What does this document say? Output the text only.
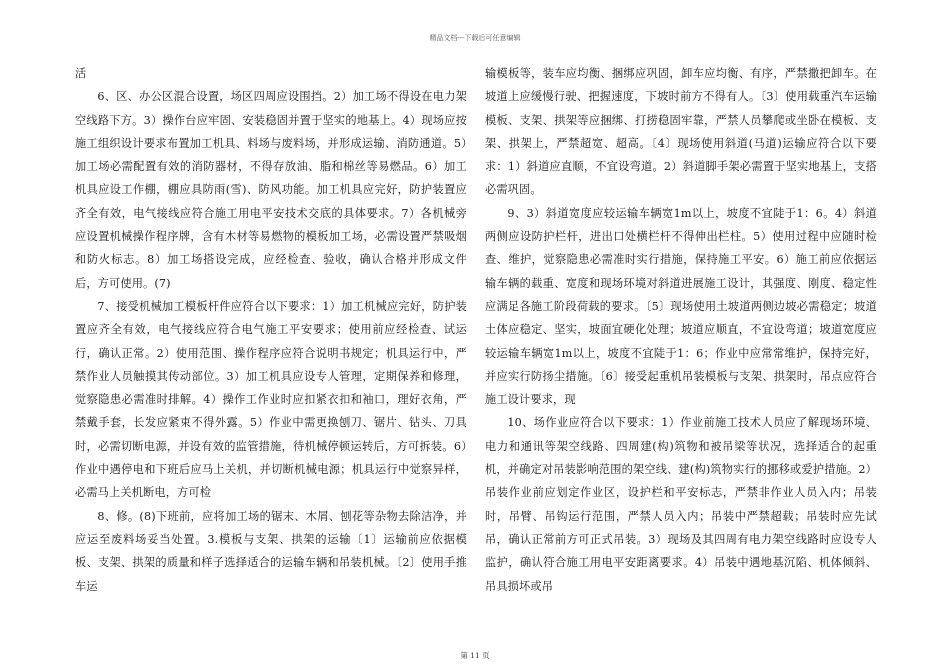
精品文档---下载后可任意编辑

活

6、区、办公区混合设置，场区四周应设围挡。2）加工场不得设在电力架空线路下方。3）操作台应牢固、安装稳固并置于坚实的地基上。4）现场应按施工组织设计要求布置加工机具、料场与废料场，并形成运输、消防通道。5）加工场必需配置有效的消防器材，不得存放油、脂和棉丝等易燃品。6）加工机具应设工作棚，棚应具防雨(雪)、防风功能。加工机具应完好，防护装置应齐全有效，电气接线应符合施工用电平安技术交底的具体要求。7）各机械旁应设置机械操作程序牌，含有木材等易燃物的模板加工场，必需设置严禁吸烟和防火标志。8）加工场搭设完成，应经检查、验收，确认合格并形成文件后，方可使用。(7)

7、接受机械加工模板杆件应符合以下要求：1）加工机械应完好，防护装置应齐全有效，电气接线应符合电气施工平安要求；使用前应经检查、试运行，确认正常。2）使用范围、操作程序应符合说明书规定；机具运行中，严禁作业人员触摸其传动部位。3）加工机具应设专人管理，定期保养和修理，觉察隐患必需准时排解。4）操作工作业时应扣紧衣扣和袖口，理好衣角，严禁戴手套，长发应紧束不得外露。5）作业中需更换刨刀、锯片、钻头、刀具时，必需切断电源，并设有效的监管措施，待机械停顿运转后，方可拆装。6）作业中遇停电和下班后应马上关机，并切断机械电源；机具运行中觉察异样，必需马上关机断电，方可检

8、修。(8)下班前，应将加工场的锯末、木屑、刨花等杂物去除洁净，并应运至废料场妥当处置。3.模板与支架、拱架的运输〔1〕运输前应依据模板、支架、拱架的质量和样子选择适合的运输车辆和吊装机械。〔2〕使用手推车运

输模板等，装车应均衡、捆绑应巩固，卸车应均衡、有序，严禁撒把卸车。在坡道上应缓慢行驶、把握速度，下坡时前方不得有人。〔3〕使用载重汽车运输模板、支架、拱架等应捆绑、打捞稳固牢靠，严禁人员攀爬或坐卧在模板、支架、拱架上，严禁超宽、超高。〔4〕现场使用斜道(马道)运输应符合以下要求：1）斜道应直顺，不宜设弯道。2）斜道脚手架必需置于坚实地基上，支搭必需巩固。

9、3）斜道宽度应较运输车辆宽1m以上，坡度不宜陡于1：6。4）斜道两侧应设防护栏杆，进出口处横栏杆不得伸出栏柱。5）使用过程中应随时检查、维护，觉察隐患必需准时实行措施，保持施工平安。6）施工前应依据运输车辆的载重、宽度和现场环境对斜道进展施工设计，其强度、刚度、稳定性应满足各施工阶段荷载的要求。〔5〕现场使用土坡道两侧边坡必需稳定；坡道土体应稳定、坚实，坡面宜硬化处理；坡道应顺直，不宜设弯道；坡道宽度应较运输车辆宽1m以上，坡度不宜陡于1：6；作业中应常常维护，保持完好，并应实行防扬尘措施。〔6〕接受起重机吊装模板与支架、拱架时，吊点应符合施工设计要求，现

10、场作业应符合以下要求：1）作业前施工技术人员应了解现场环境、电力和通讯等架空线路、四周建(构)筑物和被吊梁等状况，选择适合的起重机，并确定对吊装影响范围的架空线、建(构)筑物实行的挪移或爱护措施。2）吊装作业前应划定作业区，设护栏和平安标志，严禁非作业人员入内；吊装时，吊臂、吊钩运行范围，严禁人员入内；吊装中严禁超载；吊装时应先试吊，确认正常前方可正式吊装。3）现场及其四周有电力架空线路时应设专人监护，确认符合施工用电平安距离要求。4）吊装中遇地基沉陷、机体倾斜、吊具损坏或吊

第 11 页
